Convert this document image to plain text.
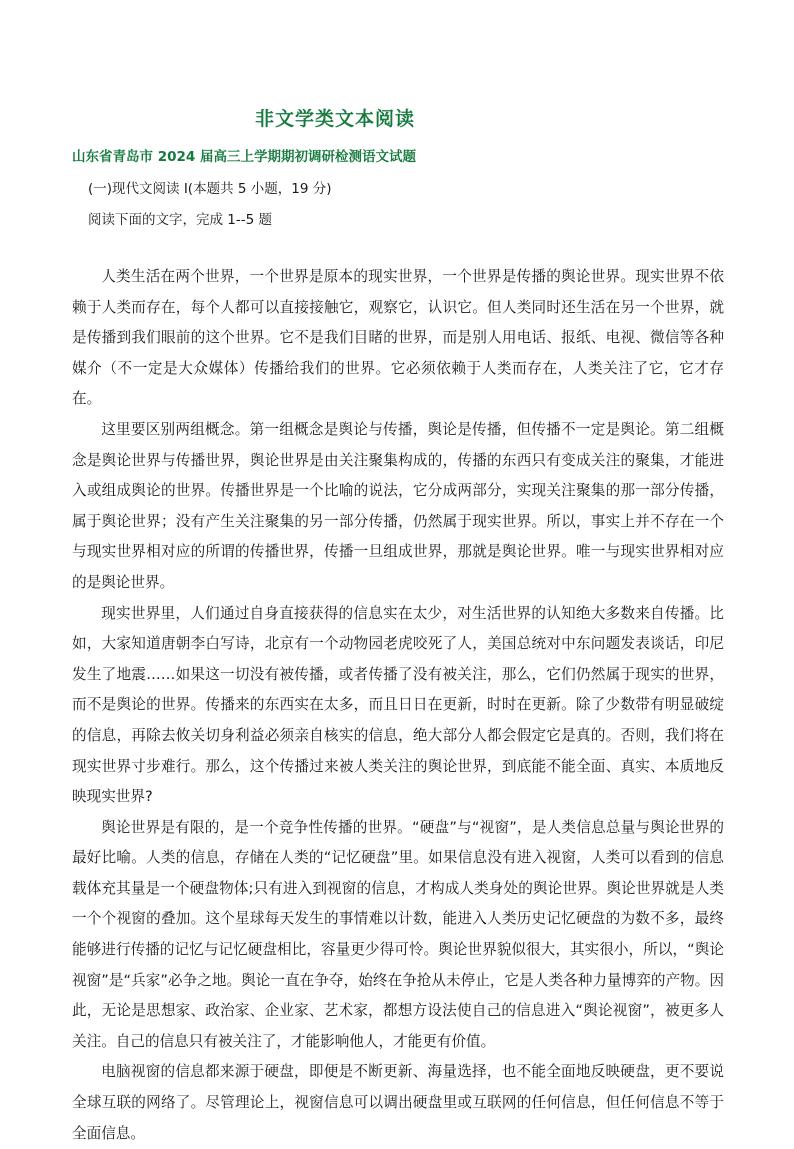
非文学类文本阅读
山东省青岛市 2024 届高三上学期期初调研检测语文试题
(一)现代文阅读 I(本题共 5 小题，19 分)
阅读下面的文字，完成 1--5 题

人类生活在两个世界，一个世界是原本的现实世界，一个世界是传播的舆论世界。现实世界不依赖于人类而存在，每个人都可以直接接触它，观察它，认识它。但人类同时还生活在另一个世界，就是传播到我们眼前的这个世界。它不是我们目睹的世界，而是别人用电话、报纸、电视、微信等各种媒介（不一定是大众媒体）传播给我们的世界。它必须依赖于人类而存在，人类关注了它，它才存在。

这里要区别两组概念。第一组概念是舆论与传播，舆论是传播，但传播不一定是舆论。第二组概念是舆论世界与传播世界，舆论世界是由关注聚集构成的，传播的东西只有变成关注的聚集，才能进入或组成舆论的世界。传播世界是一个比喻的说法，它分成两部分，实现关注聚集的那一部分传播，属于舆论世界；没有产生关注聚集的另一部分传播，仍然属于现实世界。所以，事实上并不存在一个与现实世界相对应的所谓的传播世界，传播一旦组成世界，那就是舆论世界。唯一与现实世界相对应的是舆论世界。

现实世界里，人们通过自身直接获得的信息实在太少，对生活世界的认知绝大多数来自传播。比如，大家知道唐朝李白写诗，北京有一个动物园老虎咬死了人，美国总统对中东问题发表谈话，印尼发生了地震……如果这一切没有被传播，或者传播了没有被关注，那么，它们仍然属于现实的世界，而不是舆论的世界。传播来的东西实在太多，而且日日在更新，时时在更新。除了少数带有明显破绽的信息，再除去攸关切身利益必须亲自核实的信息，绝大部分人都会假定它是真的。否则，我们将在现实世界寸步难行。那么，这个传播过来被人类关注的舆论世界，到底能不能全面、真实、本质地反映现实世界?

舆论世界是有限的，是一个竞争性传播的世界。“硬盘”与“视窗”，是人类信息总量与舆论世界的最好比喻。人类的信息，存储在人类的“记忆硬盘”里。如果信息没有进入视窗，人类可以看到的信息载体充其量是一个硬盘物体;只有进入到视窗的信息，才构成人类身处的舆论世界。舆论世界就是人类一个个视窗的叠加。这个星球每天发生的事情难以计数，能进入人类历史记忆硬盘的为数不多，最终能够进行传播的记忆与记忆硬盘相比，容量更少得可怜。舆论世界貌似很大，其实很小，所以，“舆论视窗”是“兵家”必争之地。舆论一直在争夺，始终在争抢从未停止，它是人类各种力量博弈的产物。因此，无论是思想家、政治家、企业家、艺术家，都想方设法使自己的信息进入“舆论视窗”，被更多人关注。自己的信息只有被关注了，才能影响他人，才能更有价值。

电脑视窗的信息都来源于硬盘，即便是不断更新、海量选择，也不能全面地反映硬盘，更不要说全球互联的网络了。尽管理论上，视窗信息可以调出硬盘里或互联网的任何信息，但任何信息不等于全面信息。
